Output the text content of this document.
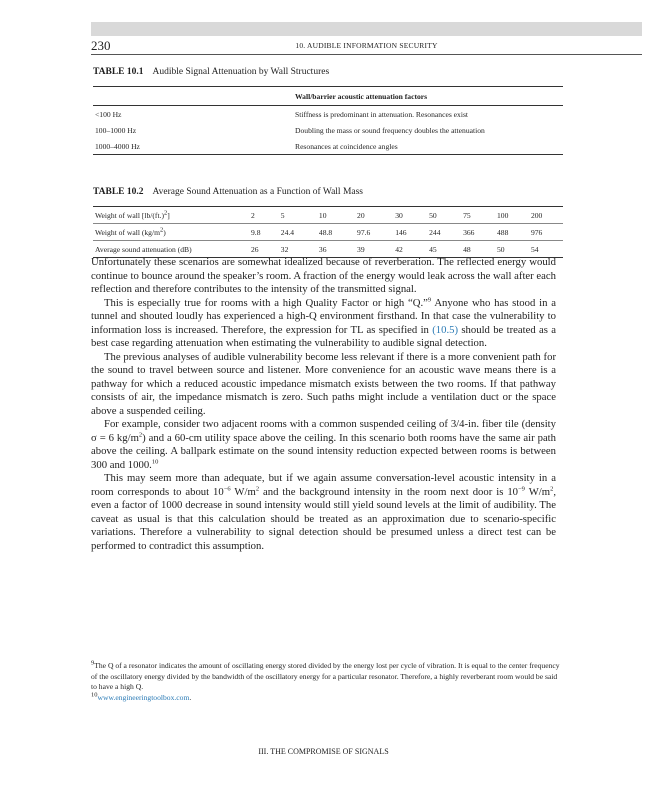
230	10. AUDIBLE INFORMATION SECURITY
TABLE 10.1 Audible Signal Attenuation by Wall Structures
	Wall/barrier acoustic attenuation factors
<100 Hz	Stiffness is predominant in attenuation. Resonances exist
100–1000 Hz	Doubling the mass or sound frequency doubles the attenuation
1000–4000 Hz	Resonances at coincidence angles
TABLE 10.2 Average Sound Attenuation as a Function of Wall Mass
Weight of wall $[lb/(ft.)^2]$	2	5	10	20	30	50	75	100	200
Weight of wall $(kg/m^2)$	9.8	24.4	48.8	97.6	146	244	366	488	976
Average sound attenuation (dB)	26	32	36	39	42	45	48	50	54

Unfortunately these scenarios are somewhat idealized because of reverberation. The reflected energy would continue to bounce around the speaker’s room. A fraction of the energy would leak across the wall after each reflection and therefore contributes to the intensity of the transmitted signal.

This is especially true for rooms with a high Quality Factor or high “Q.”$^9$ Anyone who has stood in a tunnel and shouted loudly has experienced a high-Q environment firsthand. In that case the vulnerability to information loss is increased. Therefore, the expression for TL as specified in (10.5) should be treated as a best case regarding attenuation when estimating the vulnerability to audible signal detection.

The previous analyses of audible vulnerability become less relevant if there is a more convenient path for the sound to travel between source and listener. More convenience for an acoustic wave means there is a pathway for which a reduced acoustic impedance mismatch exists between the two rooms. If that pathway consists of air, the impedance mismatch is zero. Such paths might include a ventilation duct or the space above a suspended ceiling.

For example, consider two adjacent rooms with a common suspended ceiling of 3/4-in. fiber tile (density σ = 6 $kg/m^2$) and a 60-cm utility space above the ceiling. In this scenario both rooms have the same air path above the ceiling. A ballpark estimate on the sound intensity reduction expected between rooms is between 300 and 1000.10

This may seem more than adequate, but if we again assume conversation-level acoustic intensity in a room corresponds to about $10^{-6}$ $W/m^2$ and the background intensity in the room next door is $10^{-9}$ $W/m^2$, even a factor of 1000 decrease in sound intensity would still yield sound levels at the limit of audibility. The caveat as usual is that this calculation should be treated as an approximation due to scenario-specific variations. Therefore a vulnerability to signal detection should be presumed unless a direct test can be performed to contradict this assumption.

$^9$The Q of a resonator indicates the amount of oscillating energy stored divided by the energy lost per cycle of vibration. It is equal to the center frequency of the oscillatory energy divided by the bandwidth of the oscillatory energy for a particular resonator. Therefore, a highly reverberant room would be said to have a high Q.

$^{10}$www.engineeringtoolbox.com.

III. THE COMPROMISE OF SIGNALS
